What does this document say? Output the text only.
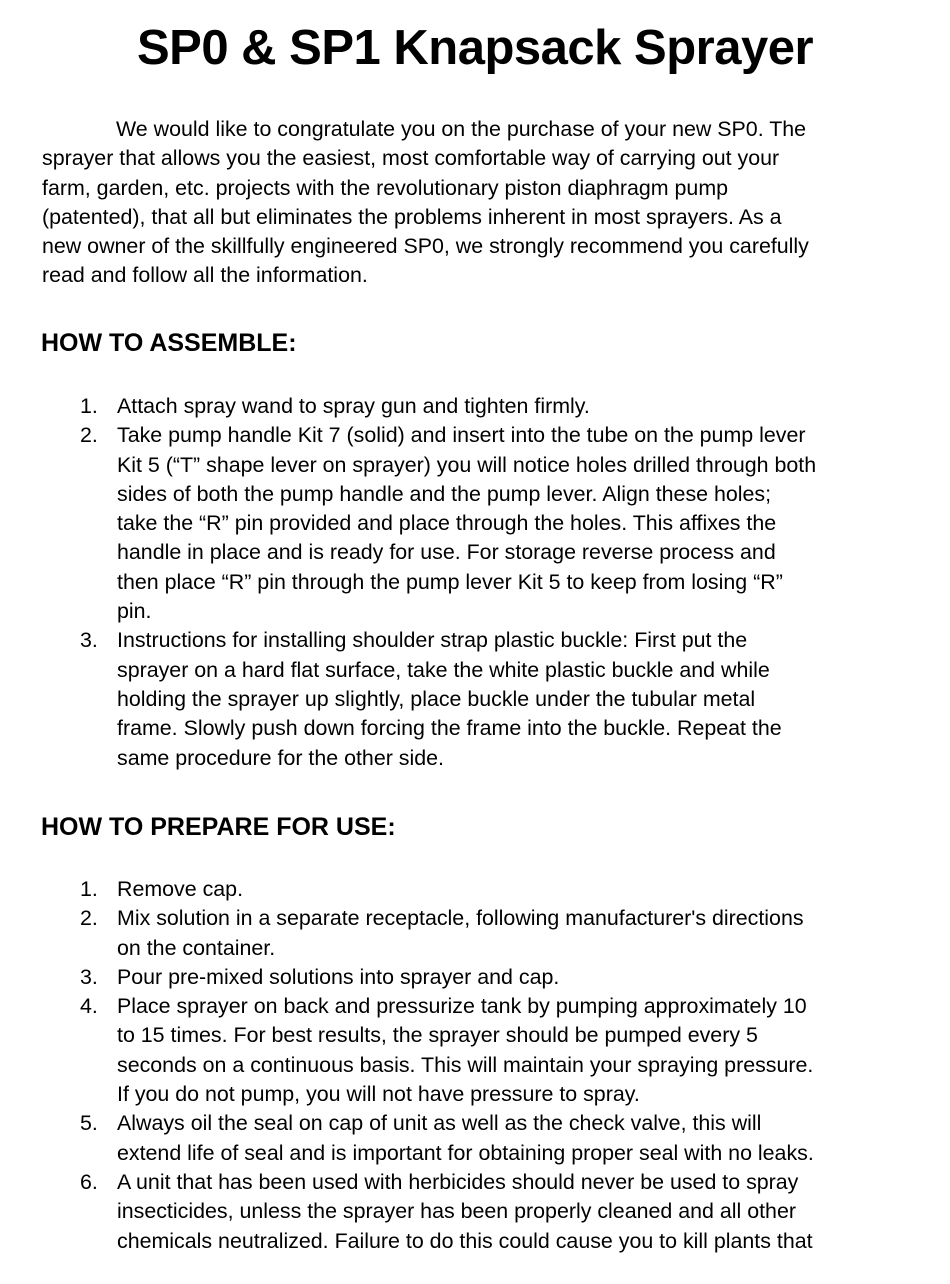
SP0 & SP1 Knapsack Sprayer

We would like to congratulate you on the purchase of your new SP0. The
sprayer that allows you the easiest, most comfortable way of carrying out your
farm, garden, etc. projects with the revolutionary piston diaphragm pump
(patented), that all but eliminates the problems inherent in most sprayers. As a
new owner of the skillfully engineered SP0, we strongly recommend you carefully
read and follow all the information.

HOW TO ASSEMBLE:
1. Attach spray wand to spray gun and tighten firmly.
2. Take pump handle Kit 7 (solid) and insert into the tube on the pump lever
Kit 5 (“T” shape lever on sprayer) you will notice holes drilled through both
sides of both the pump handle and the pump lever. Align these holes;
take the “R” pin provided and place through the holes. This affixes the
handle in place and is ready for use. For storage reverse process and
then place “R” pin through the pump lever Kit 5 to keep from losing “R”
pin.
3. Instructions for installing shoulder strap plastic buckle: First put the
sprayer on a hard flat surface, take the white plastic buckle and while
holding the sprayer up slightly, place buckle under the tubular metal
frame. Slowly push down forcing the frame into the buckle. Repeat the
same procedure for the other side.
HOW TO PREPARE FOR USE:
1. Remove cap.
2. Mix solution in a separate receptacle, following manufacturer's directions
on the container.
3. Pour pre-mixed solutions into sprayer and cap.
4. Place sprayer on back and pressurize tank by pumping approximately 10
to 15 times. For best results, the sprayer should be pumped every 5
seconds on a continuous basis. This will maintain your spraying pressure.
If you do not pump, you will not have pressure to spray.
5. Always oil the seal on cap of unit as well as the check valve, this will
extend life of seal and is important for obtaining proper seal with no leaks.
6. A unit that has been used with herbicides should never be used to spray
insecticides, unless the sprayer has been properly cleaned and all other
chemicals neutralized. Failure to do this could cause you to kill plants that
